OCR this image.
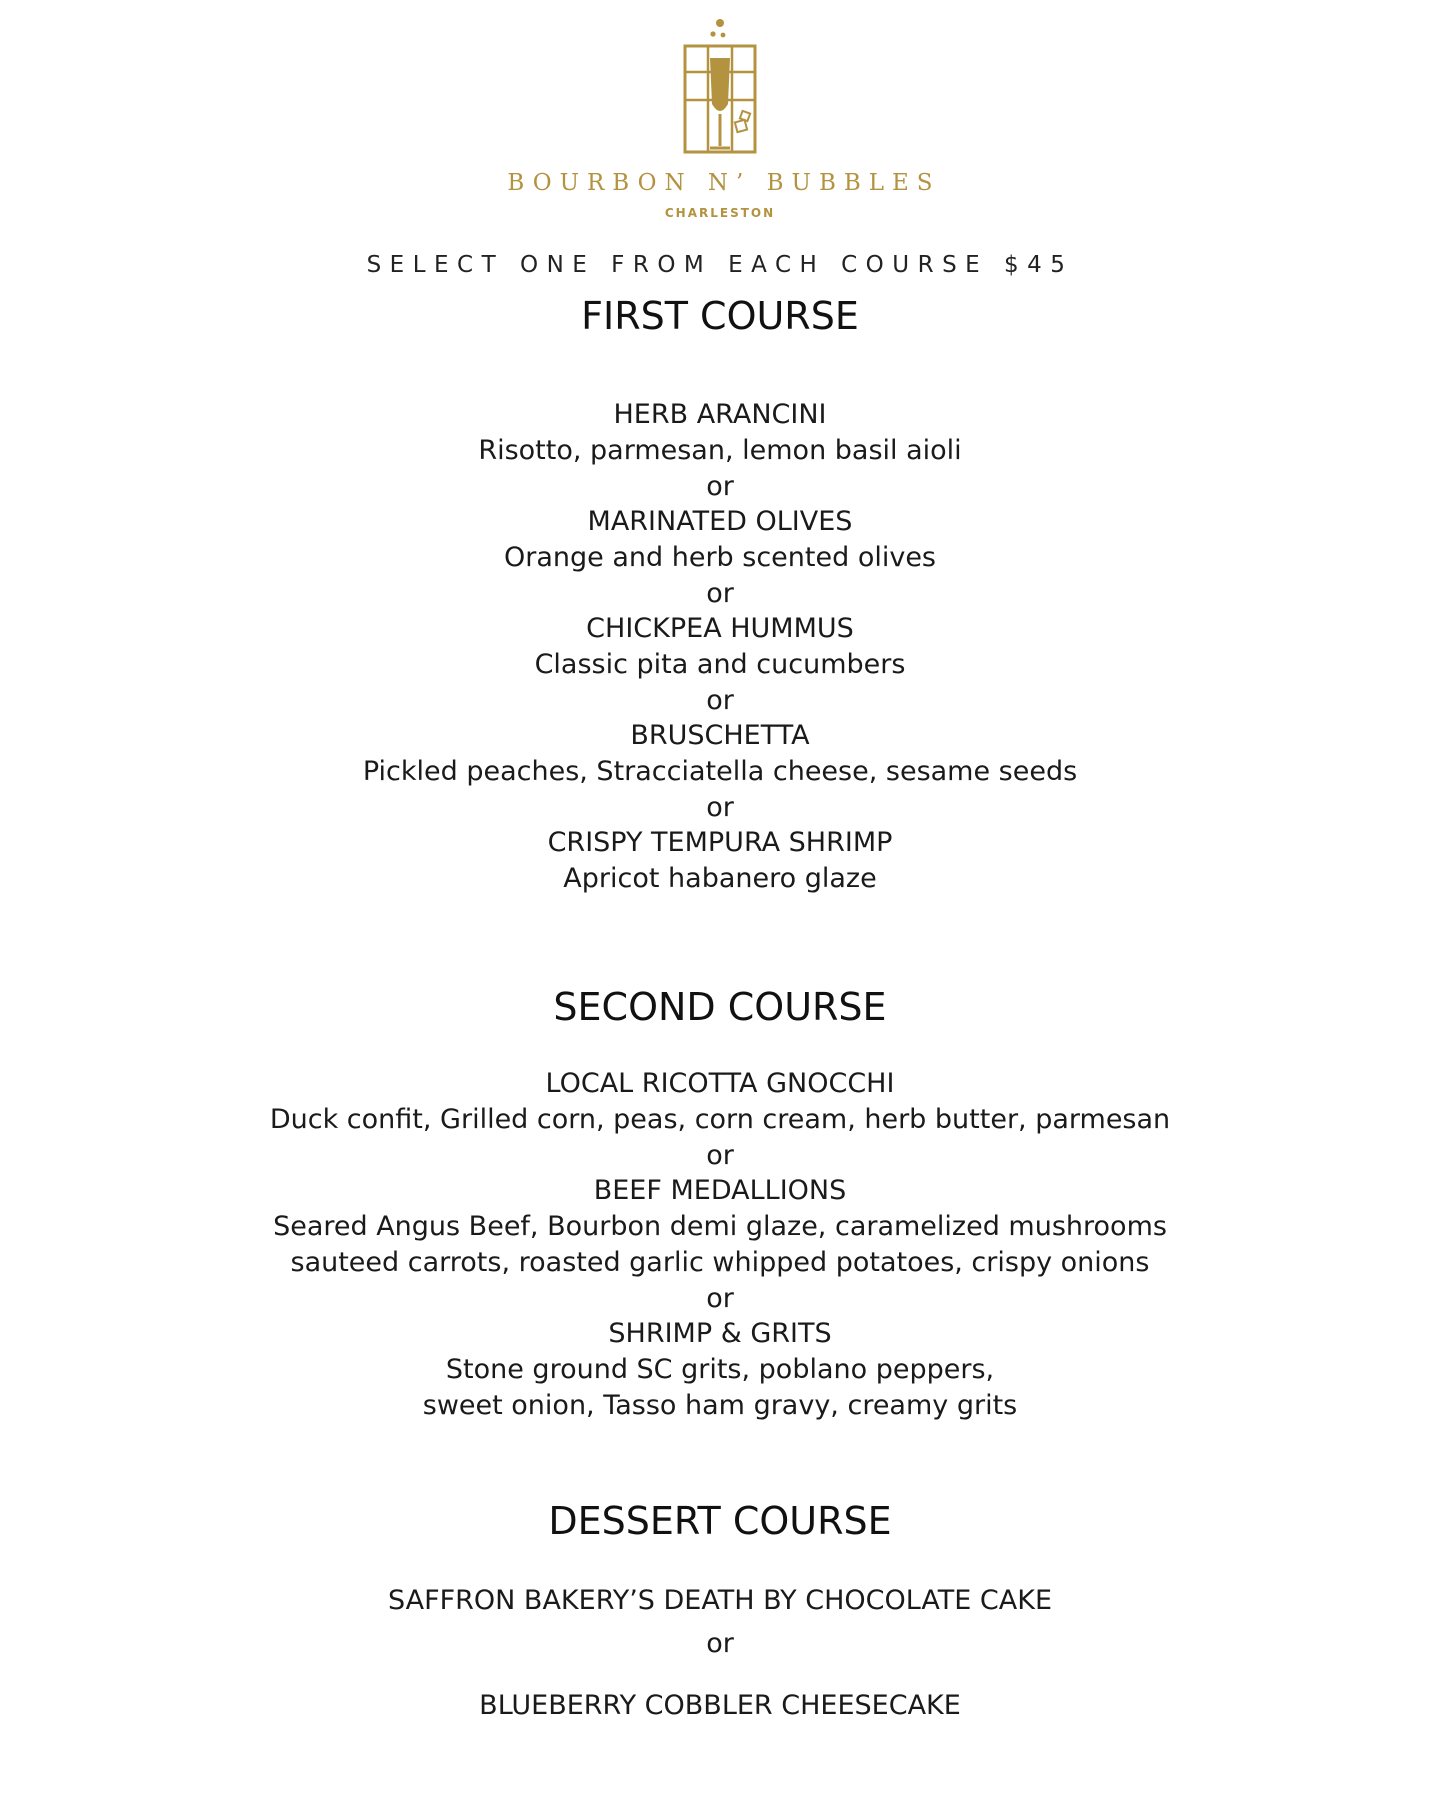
BOURBON N’ BUBBLES
CHARLESTON
SELECT ONE FROM EACH COURSE $45
FIRST COURSE
HERB ARANCINI
Risotto, parmesan, lemon basil aioli
or
MARINATED OLIVES
Orange and herb scented olives
or
CHICKPEA HUMMUS
Classic pita and cucumbers
or
BRUSCHETTA
Pickled peaches, Stracciatella cheese, sesame seeds
or
CRISPY TEMPURA SHRIMP
Apricot habanero glaze
SECOND COURSE
LOCAL RICOTTA GNOCCHI
Duck confit, Grilled corn, peas, corn cream, herb butter, parmesan
or
BEEF MEDALLIONS
Seared Angus Beef, Bourbon demi glaze, caramelized mushrooms
sauteed carrots, roasted garlic whipped potatoes, crispy onions
or
SHRIMP & GRITS
Stone ground SC grits, poblano peppers,
sweet onion, Tasso ham gravy, creamy grits
DESSERT COURSE
SAFFRON BAKERY’S DEATH BY CHOCOLATE CAKE
or
BLUEBERRY COBBLER CHEESECAKE
